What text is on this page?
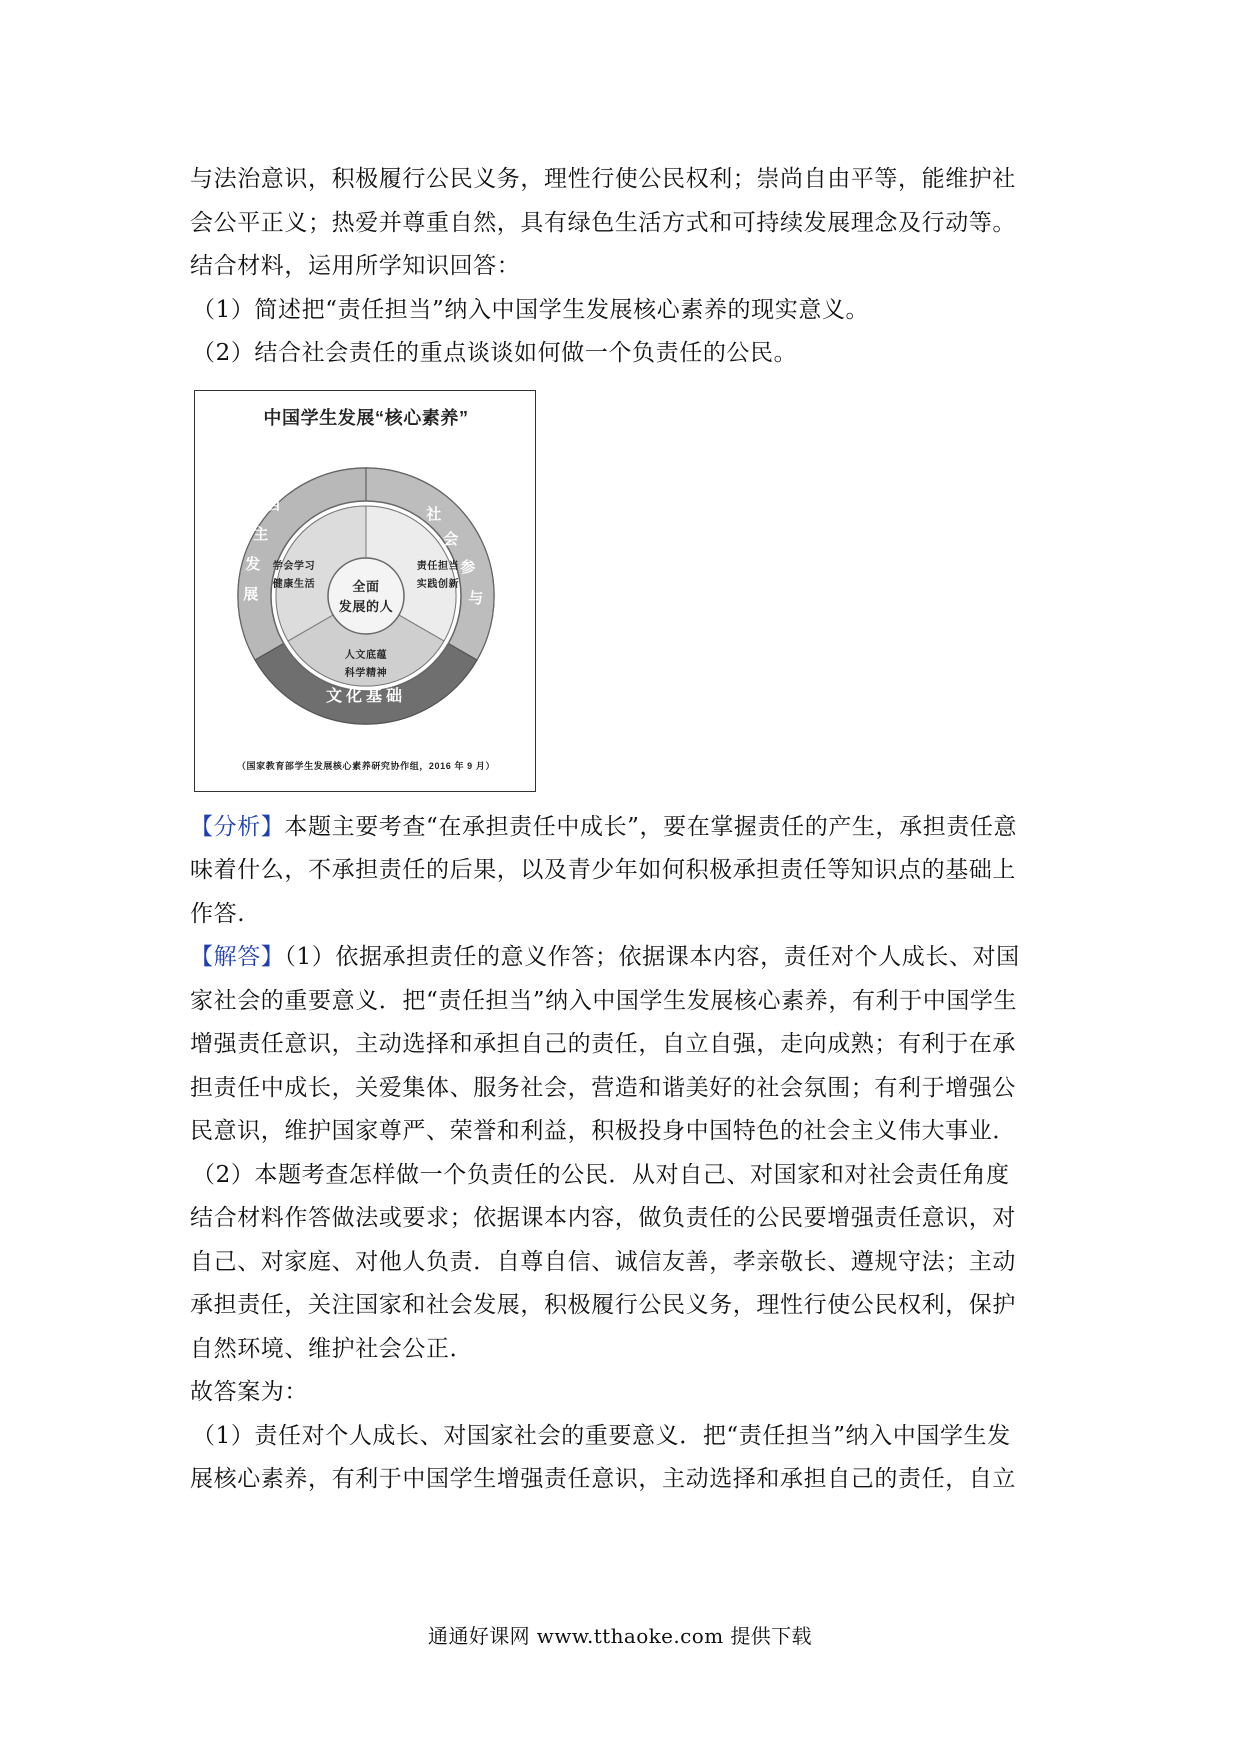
与法治意识，积极履行公民义务，理性行使公民权利；崇尚自由平等，能维护社

会公平正义；热爱并尊重自然，具有绿色生活方式和可持续发展理念及行动等。

结合材料，运用所学知识回答：

（1）简述把“责任担当”纳入中国学生发展核心素养的现实意义。

（2）结合社会责任的重点谈谈如何做一个负责任的公民。

中国学生发展“核心素养”
全面
发展的人
学会学习
健康生活
责任担当
实践创新
人文底蕴
科学精神
自
主
发
展
社
会
参
与
文化基础
（国家教育部学生发展核心素养研究协作组，2016 年 9 月）

【分析】本题主要考查“在承担责任中成长”，要在掌握责任的产生，承担责任意

味着什么，不承担责任的后果，以及青少年如何积极承担责任等知识点的基础上

作答.

【解答】（1）依据承担责任的意义作答；依据课本内容，责任对个人成长、对国

家社会的重要意义．把“责任担当”纳入中国学生发展核心素养，有利于中国学生

增强责任意识，主动选择和承担自己的责任，自立自强，走向成熟；有利于在承

担责任中成长，关爱集体、服务社会，营造和谐美好的社会氛围；有利于增强公

民意识，维护国家尊严、荣誉和利益，积极投身中国特色的社会主义伟大事业．

（2）本题考查怎样做一个负责任的公民．从对自己、对国家和对社会责任角度

结合材料作答做法或要求；依据课本内容，做负责任的公民要增强责任意识，对

自己、对家庭、对他人负责．自尊自信、诚信友善，孝亲敬长、遵规守法；主动

承担责任，关注国家和社会发展，积极履行公民义务，理性行使公民权利，保护

自然环境、维护社会公正．

故答案为：

（1）责任对个人成长、对国家社会的重要意义．把“责任担当”纳入中国学生发

展核心素养，有利于中国学生增强责任意识，主动选择和承担自己的责任，自立

通通好课网 www.tthaoke.com 提供下载
